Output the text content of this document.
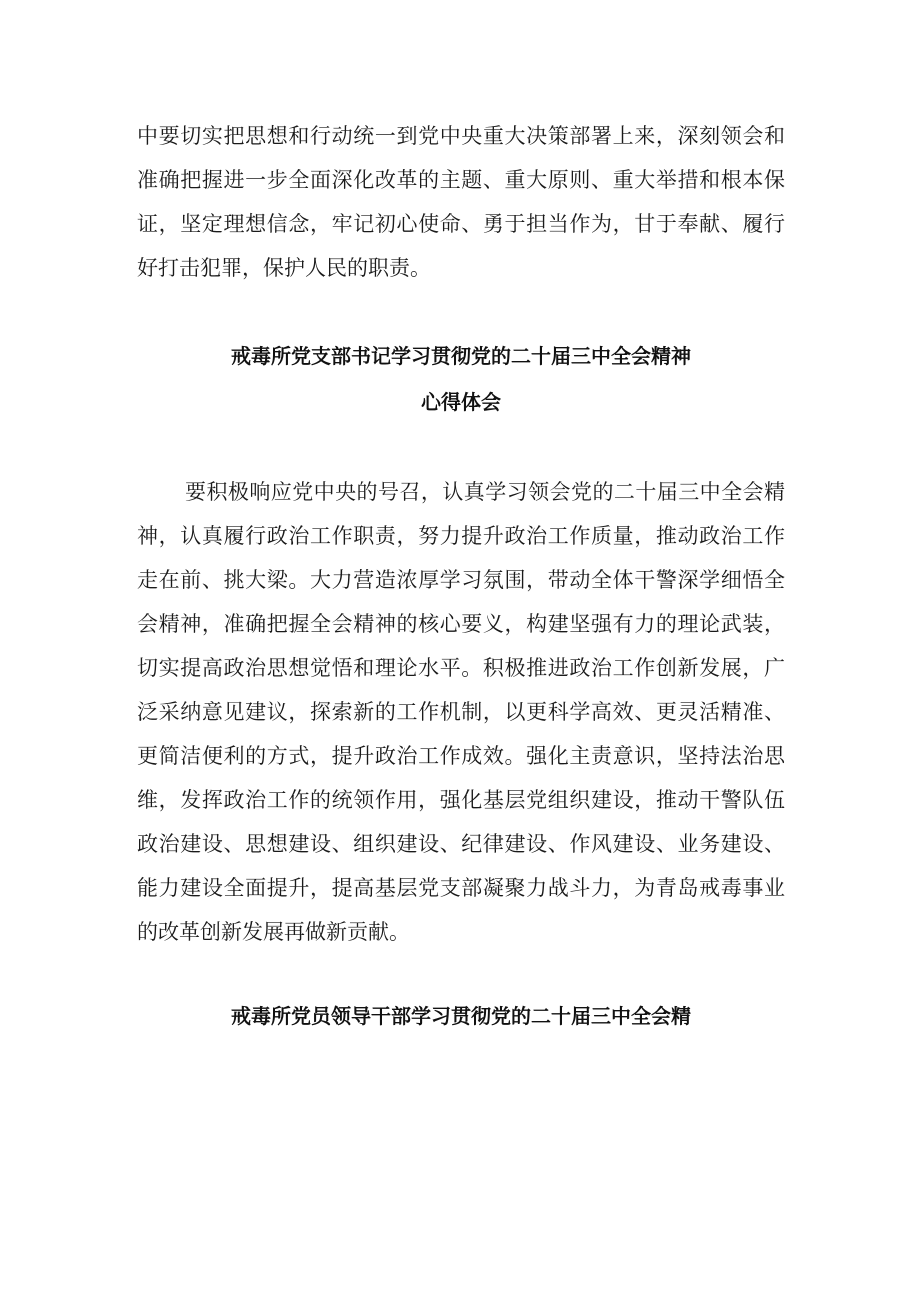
中要切实把思想和行动统一到党中央重大决策部署上来，深刻领会和
准确把握进一步全面深化改革的主题、重大原则、重大举措和根本保
证，坚定理想信念，牢记初心使命、勇于担当作为，甘于奉献、履行
好打击犯罪，保护人民的职责。
戒毒所党支部书记学习贯彻党的二十届三中全会精神
心得体会
要积极响应党中央的号召，认真学习领会党的二十届三中全会精
神，认真履行政治工作职责，努力提升政治工作质量，推动政治工作
走在前、挑大梁。大力营造浓厚学习氛围，带动全体干警深学细悟全
会精神，准确把握全会精神的核心要义，构建坚强有力的理论武装，
切实提高政治思想觉悟和理论水平。积极推进政治工作创新发展，广
泛采纳意见建议，探索新的工作机制，以更科学高效、更灵活精准、
更简洁便利的方式，提升政治工作成效。强化主责意识，坚持法治思
维，发挥政治工作的统领作用，强化基层党组织建设，推动干警队伍
政治建设、思想建设、组织建设、纪律建设、作风建设、业务建设、
能力建设全面提升，提高基层党支部凝聚力战斗力，为青岛戒毒事业
的改革创新发展再做新贡献。
戒毒所党员领导干部学习贯彻党的二十届三中全会精
